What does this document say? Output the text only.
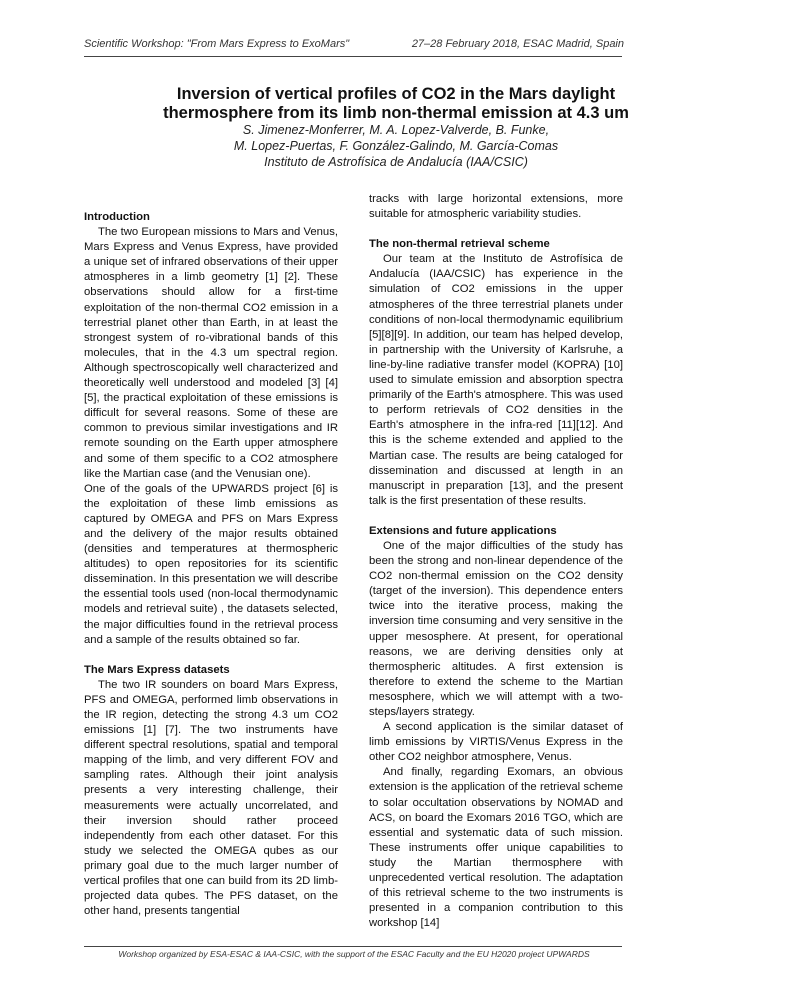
Scientific Workshop: "From Mars Express to ExoMars"	27–28 February 2018, ESAC Madrid, Spain
Inversion of vertical profiles of CO2 in the Mars daylight
thermosphere from its limb non-thermal emission at 4.3 um
S. Jimenez-Monferrer, M. A. Lopez-Valverde, B. Funke,
M. Lopez-Puertas, F. González-Galindo, M. García-Comas
Instituto de Astrofísica de Andalucía (IAA/CSIC)
Introduction

The two European missions to Mars and Venus, Mars Express and Venus Express, have provided a unique set of infrared observations of their upper atmospheres in a limb geometry [1] [2]. These observations should allow for a first-time exploitation of the non-thermal CO2 emission in a terrestrial planet other than Earth, in at least the strongest system of ro-vibrational bands of this molecules, that in the 4.3 um spectral region. Although spectroscopically well characterized and theoretically well understood and modeled [3] [4] [5], the practical exploitation of these emissions is difficult for several reasons. Some of these are common to previous similar investigations and IR remote sounding on the Earth upper atmosphere and some of them specific to a CO2 atmosphere like the Martian case (and the Venusian one).

One of the goals of the UPWARDS project [6] is the exploitation of these limb emissions as captured by OMEGA and PFS on Mars Express and the delivery of the major results obtained (densities and temperatures at thermospheric altitudes) to open repositories for its scientific dissemination. In this presentation we will describe the essential tools used (non-local thermodynamic models and retrieval suite) , the datasets selected, the major difficulties found in the retrieval process and a sample of the results obtained so far.

The Mars Express datasets

The two IR sounders on board Mars Express, PFS and OMEGA, performed limb observations in the IR region, detecting the strong 4.3 um CO2 emissions [1] [7]. The two instruments have different spectral resolutions, spatial and temporal mapping of the limb, and very different FOV and sampling rates. Although their joint analysis presents a very interesting challenge, their measurements were actually uncorrelated, and their inversion should rather proceed independently from each other dataset. For this study we selected the OMEGA qubes as our primary goal due to the much larger number of vertical profiles that one can build from its 2D limb-projected data qubes. The PFS dataset, on the other hand, presents tangential

tracks with large horizontal extensions, more suitable for atmospheric variability studies.

The non-thermal retrieval scheme

Our team at the Instituto de Astrofísica de Andalucía (IAA/CSIC) has experience in the simulation of CO2 emissions in the upper atmospheres of the three terrestrial planets under conditions of non-local thermodynamic equilibrium [5][8][9]. In addition, our team has helped develop, in partnership with the University of Karlsruhe, a line-by-line radiative transfer model (KOPRA) [10] used to simulate emission and absorption spectra primarily of the Earth's atmosphere. This was used to perform retrievals of CO2 densities in the Earth's atmosphere in the infra-red [11][12]. And this is the scheme extended and applied to the Martian case. The results are being cataloged for dissemination and discussed at length in an manuscript in preparation [13], and the present talk is the first presentation of these results.

Extensions and future applications

One of the major difficulties of the study has been the strong and non-linear dependence of the CO2 non-thermal emission on the CO2 density (target of the inversion). This dependence enters twice into the iterative process, making the inversion time consuming and very sensitive in the upper mesosphere. At present, for operational reasons, we are deriving densities only at thermospheric altitudes. A first extension is therefore to extend the scheme to the Martian mesosphere, which we will attempt with a two-steps/layers strategy.

A second application is the similar dataset of limb emissions by VIRTIS/Venus Express in the other CO2 neighbor atmosphere, Venus.

And finally, regarding Exomars, an obvious extension is the application of the retrieval scheme to solar occultation observations by NOMAD and ACS, on board the Exomars 2016 TGO, which are essential and systematic data of such mission. These instruments offer unique capabilities to study the Martian thermosphere with unprecedented vertical resolution. The adaptation of this retrieval scheme to the two instruments is presented in a companion contribution to this workshop [14]

Workshop organized by ESA-ESAC & IAA-CSIC, with the support of the ESAC Faculty and the EU H2020 project UPWARDS
